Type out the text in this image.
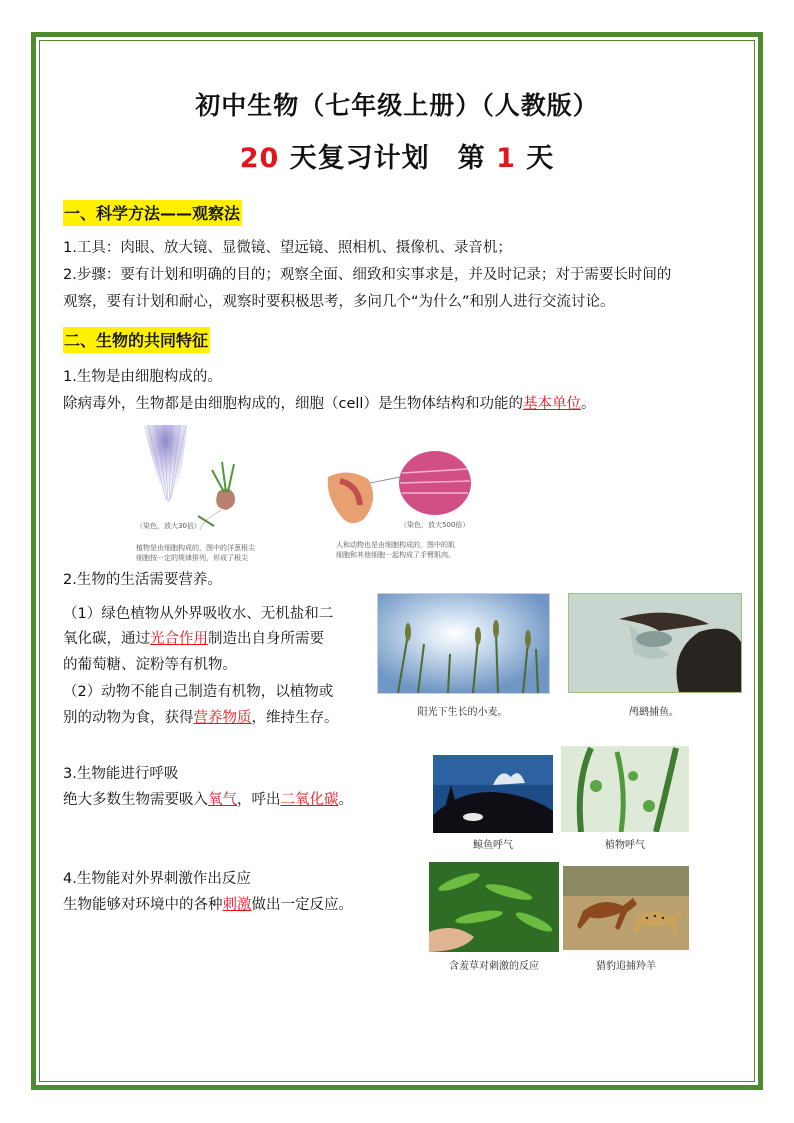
初中生物（七年级上册）（人教版）
20 天复习计划　第 1 天
一、科学方法——观察法
1.工具：肉眼、放大镜、显微镜、望远镜、照相机、摄像机、录音机；
2.步骤：要有计划和明确的目的；观察全面、细致和实事求是，并及时记录；对于需要长时间的
观察，要有计划和耐心，观察时要积极思考，多问几个“为什么”和别人进行交流讨论。
二、生物的共同特征
1.生物是由细胞构成的。
除病毒外，生物都是由细胞构成的，细胞（cell）是生物体结构和功能的基本单位。
（染色，放大30倍）
植物是由细胞构成的，图中的洋葱根尖
细胞按一定的规律排列，形成了根尖
（染色，放大500倍）
人和动物也是由细胞构成的，图中的肌
细胞和其他细胞一起构成了手臂肌肉。
2.生物的生活需要营养。
（1）绿色植物从外界吸收水、无机盐和二
氧化碳，通过光合作用制造出自身所需要
的葡萄糖、淀粉等有机物。
（2）动物不能自己制造有机物，以植物或
别的动物为食，获得营养物质，维持生存。	阳光下生长的小麦。	鸬鹚捕鱼。
3.生物能进行呼吸
绝大多数生物需要吸入氧气，呼出二氧化碳。
鲸鱼呼气	植物呼气
4.生物能对外界刺激作出反应
生物能够对环境中的各种刺激做出一定反应。
含羞草对刺激的反应	猎豹追捕羚羊
